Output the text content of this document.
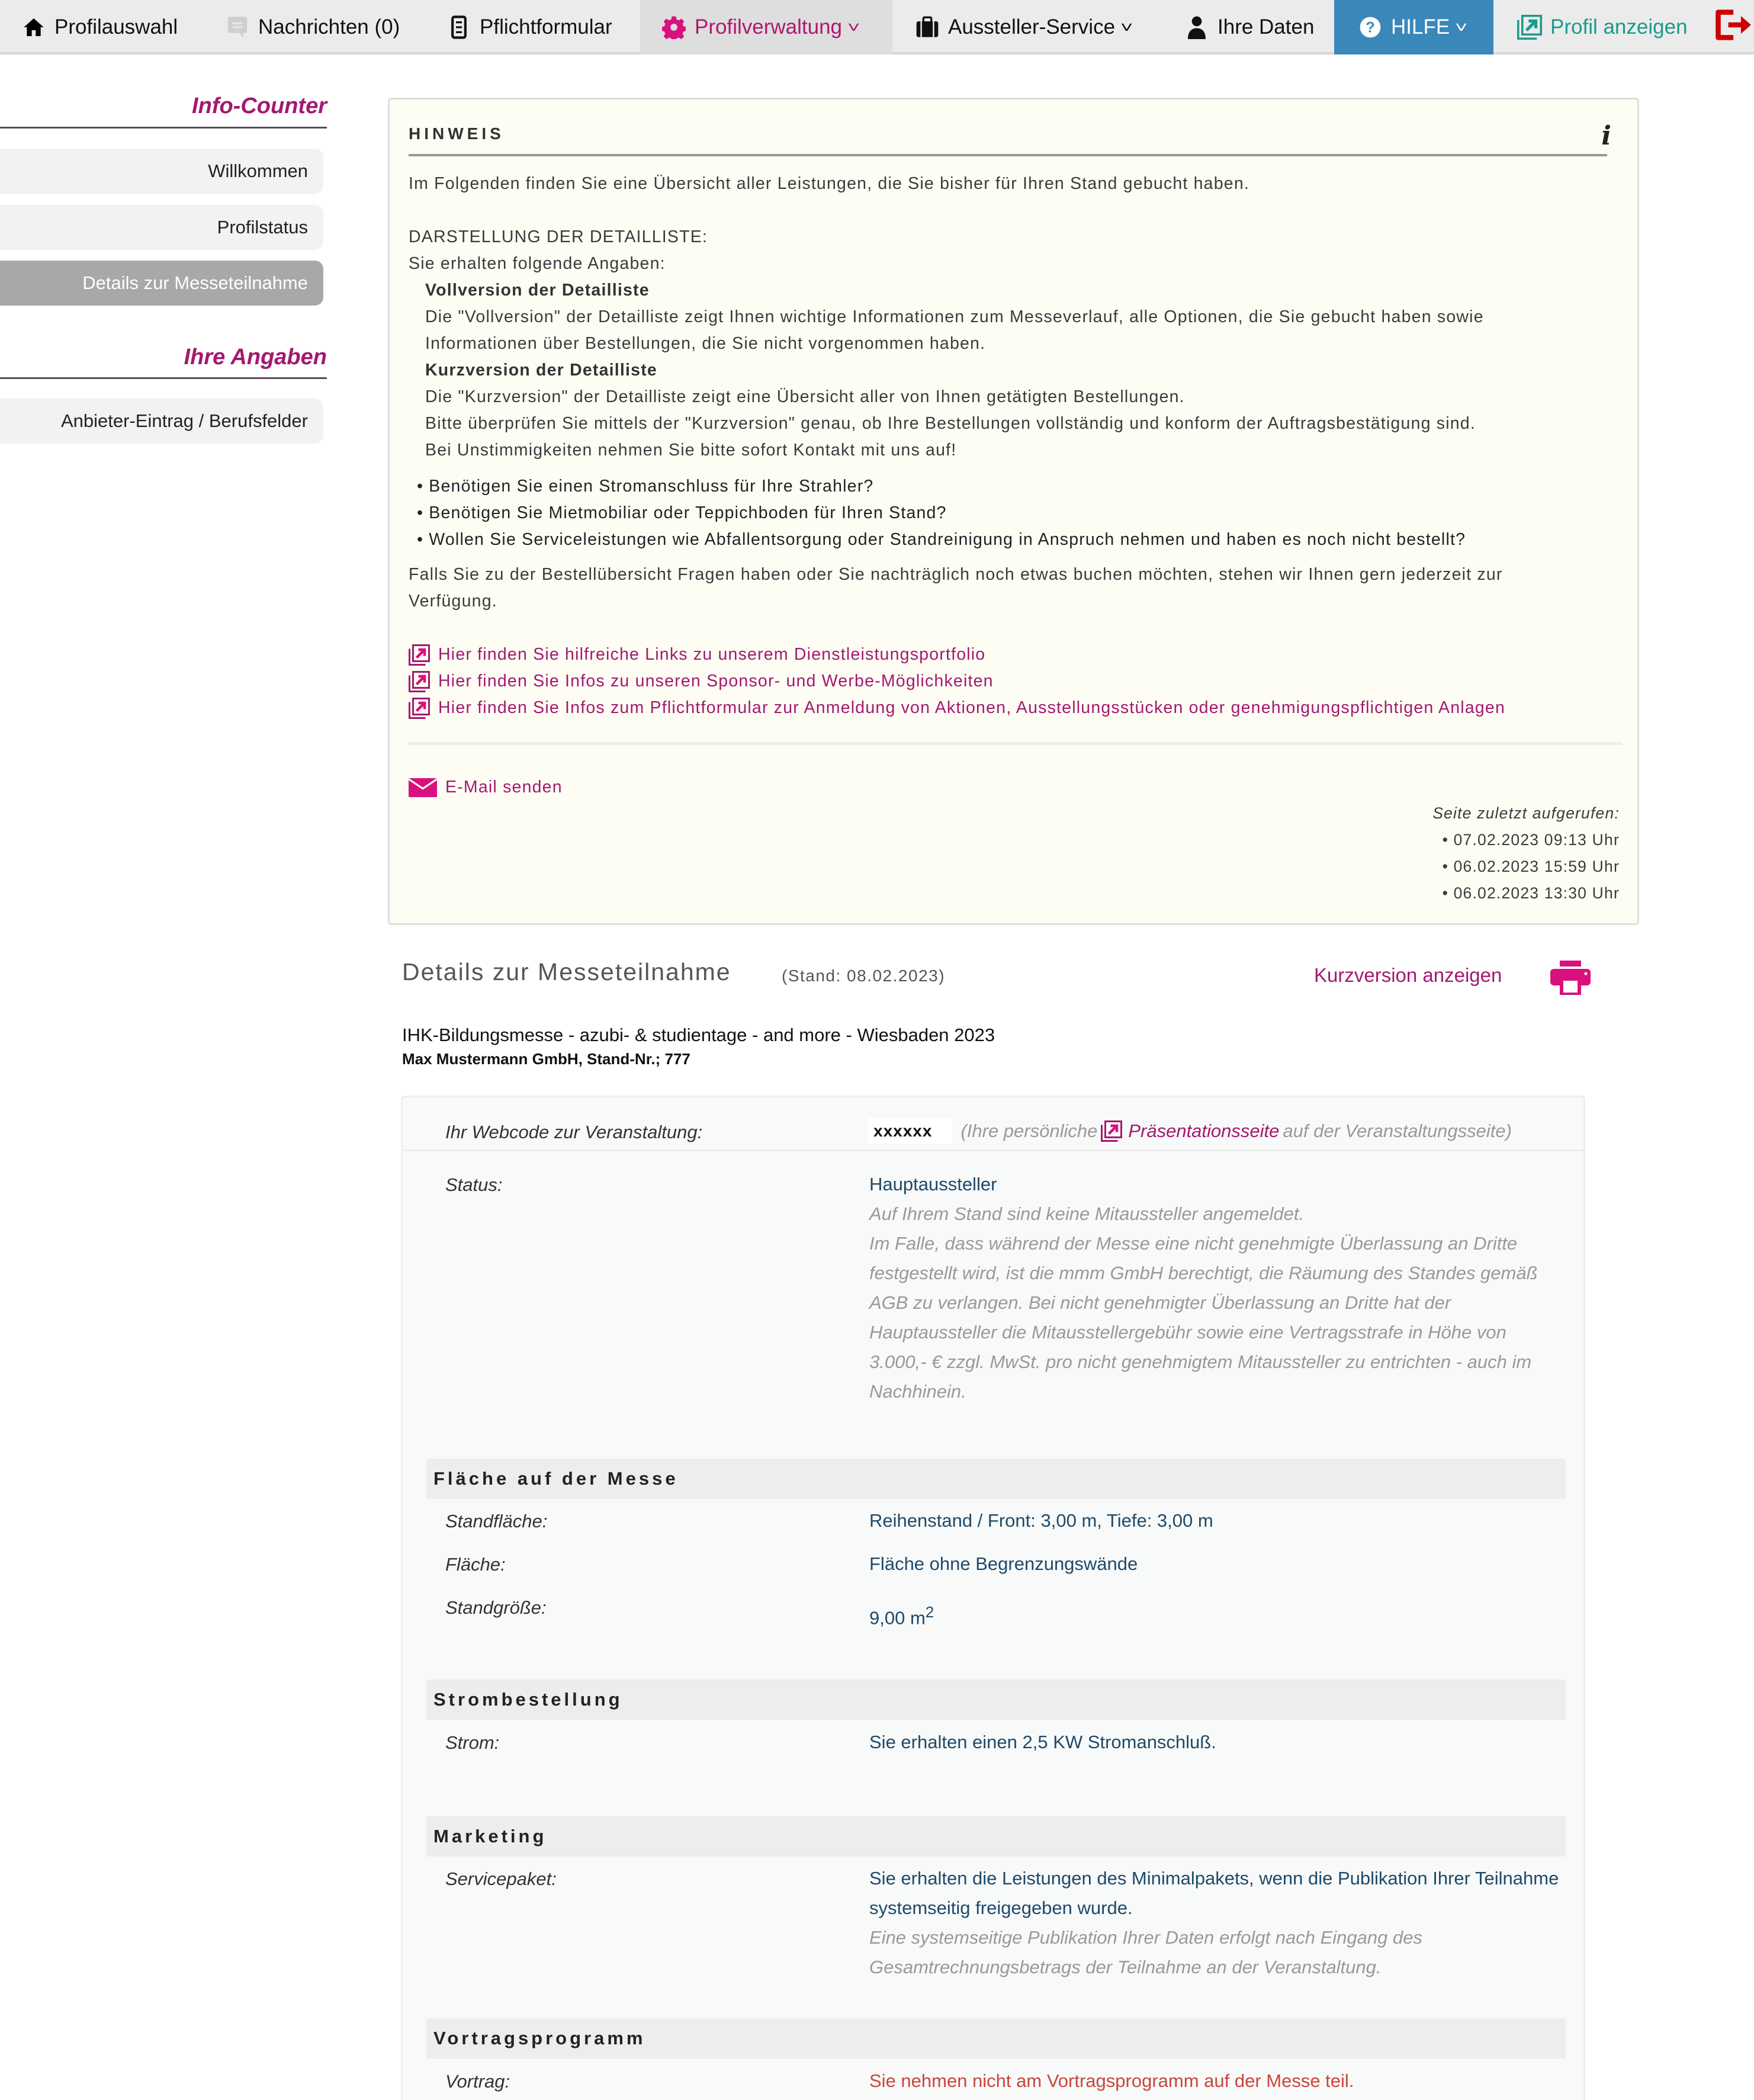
Profilauswahl	Nachrichten (0)	Pflichtformular	Profilverwaltung ˅	Aussteller-Service ˅	Ihre Daten	? HILFE ˅	Profil anzeigen
Info-Counter
Willkommen
Profilstatus
Details zur Messeteilnahme
Ihre Angaben
Anbieter-Eintrag / Berufsfelder
HINWEIS	i
Im Folgenden finden Sie eine Übersicht aller Leistungen, die Sie bisher für Ihren Stand gebucht haben.
DARSTELLUNG DER DETAILLISTE:
Sie erhalten folgende Angaben:
Vollversion der Detailliste
Die "Vollversion" der Detailliste zeigt Ihnen wichtige Informationen zum Messeverlauf, alle Optionen, die Sie gebucht haben sowie
Informationen über Bestellungen, die Sie nicht vorgenommen haben.
Kurzversion der Detailliste
Die "Kurzversion" der Detailliste zeigt eine Übersicht aller von Ihnen getätigten Bestellungen.
Bitte überprüfen Sie mittels der "Kurzversion" genau, ob Ihre Bestellungen vollständig und konform der Auftragsbestätigung sind.
Bei Unstimmigkeiten nehmen Sie bitte sofort Kontakt mit uns auf!
• Benötigen Sie einen Stromanschluss für Ihre Strahler?
• Benötigen Sie Mietmobiliar oder Teppichboden für Ihren Stand?
• Wollen Sie Serviceleistungen wie Abfallentsorgung oder Standreinigung in Anspruch nehmen und haben es noch nicht bestellt?
Falls Sie zu der Bestellübersicht Fragen haben oder Sie nachträglich noch etwas buchen möchten, stehen wir Ihnen gern jederzeit zur
Verfügung.
Hier finden Sie hilfreiche Links zu unserem Dienstleistungsportfolio
Hier finden Sie Infos zu unseren Sponsor- und Werbe-Möglichkeiten
Hier finden Sie Infos zum Pflichtformular zur Anmeldung von Aktionen, Ausstellungsstücken oder genehmigungspflichtigen Anlagen
E-Mail senden
Seite zuletzt aufgerufen:
• 07.02.2023 09:13 Uhr
• 06.02.2023 15:59 Uhr
• 06.02.2023 13:30 Uhr
Details zur Messeteilnahme	(Stand: 08.02.2023)	Kurzversion anzeigen
IHK-Bildungsmesse - azubi- & studientage - and more - Wiesbaden 2023
Max Mustermann GmbH, Stand-Nr.; 777
Ihr Webcode zur Veranstaltung:	xxxxxx	(Ihre persönliche Präsentationsseite auf der Veranstaltungsseite)
Status:	Hauptaussteller
Auf Ihrem Stand sind keine Mitaussteller angemeldet.
Im Falle, dass während der Messe eine nicht genehmigte Überlassung an Dritte festgestellt wird, ist die mmm GmbH berechtigt, die Räumung des Standes gemäß AGB zu verlangen. Bei nicht genehmigter Überlassung an Dritte hat der Hauptaussteller die Mitausstellergebühr sowie eine Vertragsstrafe in Höhe von 3.000,- € zzgl. MwSt. pro nicht genehmigtem Mitaussteller zu entrichten - auch im Nachhinein.
Fläche auf der Messe
Standfläche:	Reihenstand / Front: 3,00 m, Tiefe: 3,00 m
Fläche:	Fläche ohne Begrenzungswände
Standgröße:	9,00 $m^2$
Strombestellung
Strom:	Sie erhalten einen 2,5 KW Stromanschluß.
Marketing
Servicepaket:	Sie erhalten die Leistungen des Minimalpakets, wenn die Publikation Ihrer Teilnahme systemseitig freigegeben wurde.
Eine systemseitige Publikation Ihrer Daten erfolgt nach Eingang des Gesamtrechnungsbetrags der Teilnahme an der Veranstaltung.
Vortragsprogramm
Vortrag:	Sie nehmen nicht am Vortragsprogramm auf der Messe teil.
